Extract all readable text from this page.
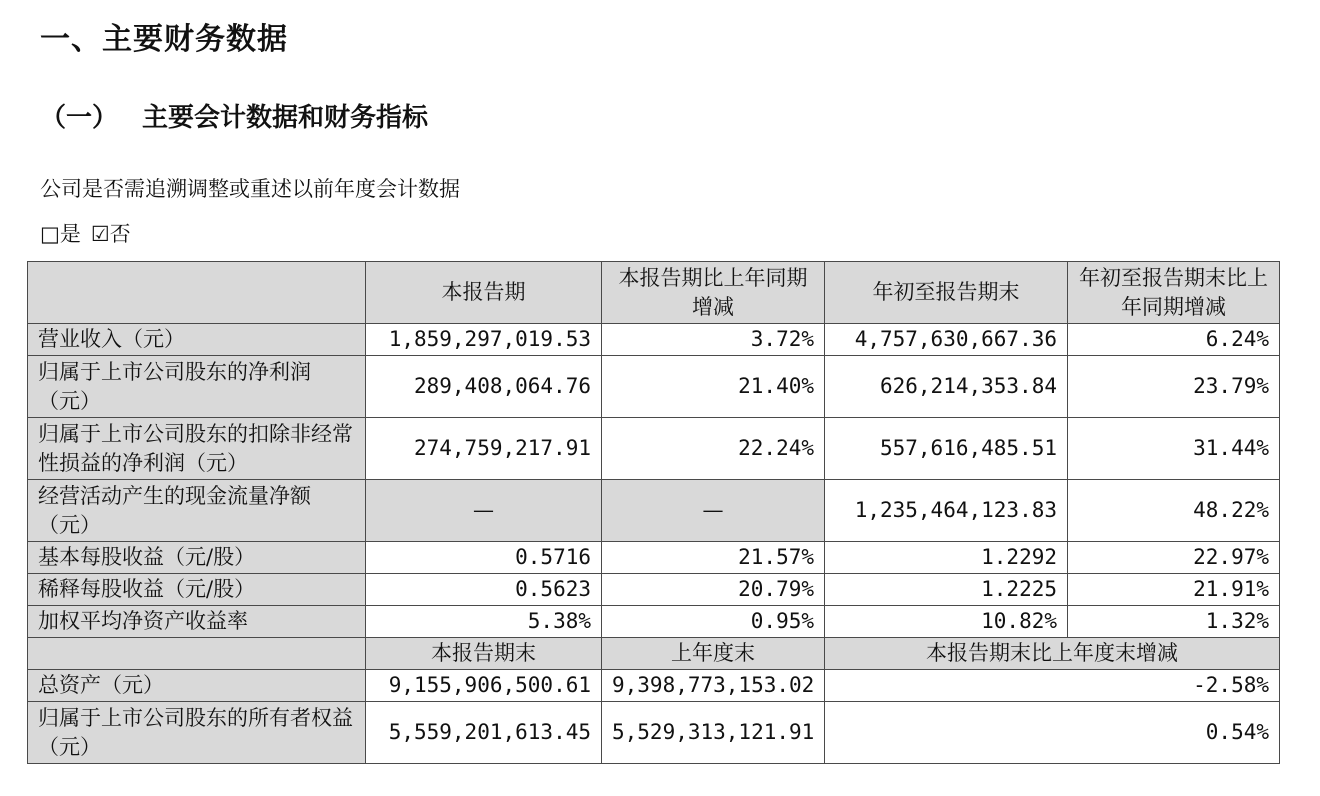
一、主要财务数据
（一） 主要会计数据和财务指标
公司是否需追溯调整或重述以前年度会计数据
□是 ☑否
	本报告期	本报告期比上年同期增减	年初至报告期末	年初至报告期末比上年同期增减
营业收入（元）	1,859,297,019.53	3.72%	4,757,630,667.36	6.24%
归属于上市公司股东的净利润（元）	289,408,064.76	21.40%	626,214,353.84	23.79%
归属于上市公司股东的扣除非经常性损益的净利润（元）	274,759,217.91	22.24%	557,616,485.51	31.44%
经营活动产生的现金流量净额（元）	—	—	1,235,464,123.83	48.22%
基本每股收益（元/股）	0.5716	21.57%	1.2292	22.97%
稀释每股收益（元/股）	0.5623	20.79%	1.2225	21.91%
加权平均净资产收益率	5.38%	0.95%	10.82%	1.32%
	本报告期末	上年度末	本报告期末比上年度末增减	
总资产（元）	9,155,906,500.61	9,398,773,153.02	-2.58%	
归属于上市公司股东的所有者权益（元）	5,559,201,613.45	5,529,313,121.91	0.54%	
